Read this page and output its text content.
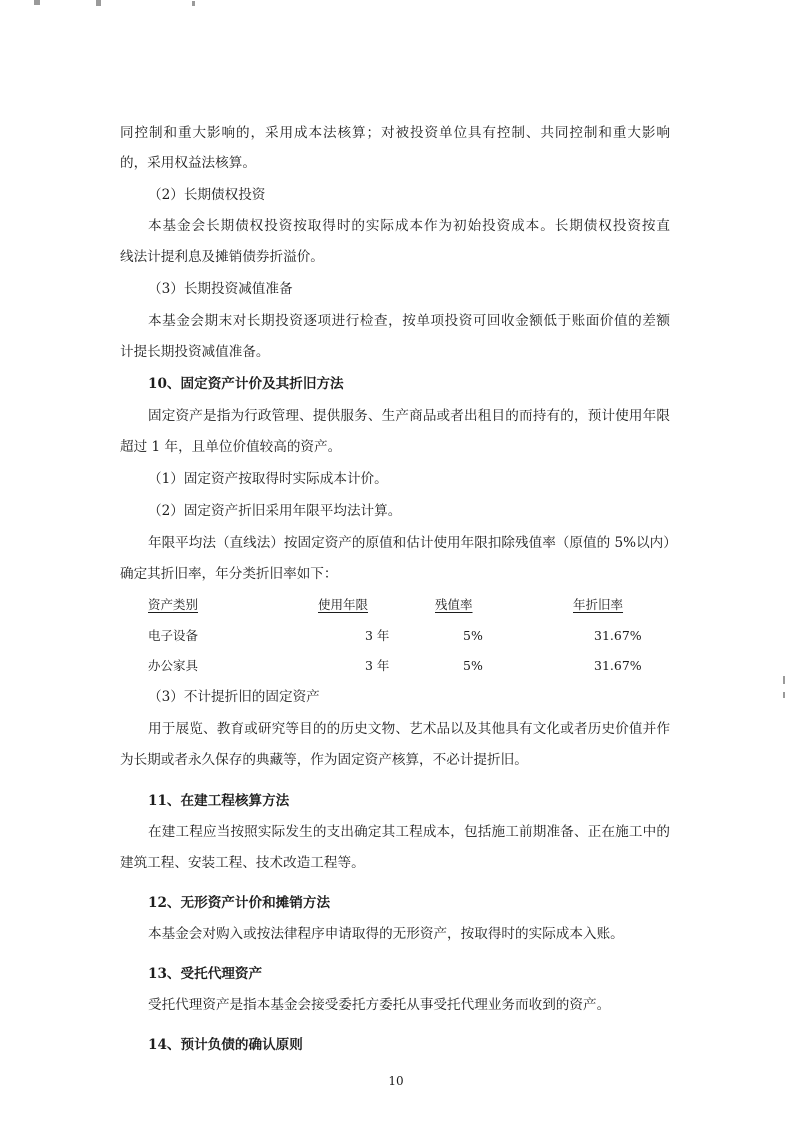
同控制和重大影响的，采用成本法核算；对被投资单位具有控制、共同控制和重大影响
的，采用权益法核算。
（2）长期债权投资
本基金会长期债权投资按取得时的实际成本作为初始投资成本。长期债权投资按直
线法计提利息及摊销债券折溢价。
（3）长期投资减值准备
本基金会期末对长期投资逐项进行检查，按单项投资可回收金额低于账面价值的差额
计提长期投资减值准备。
10、固定资产计价及其折旧方法
固定资产是指为行政管理、提供服务、生产商品或者出租目的而持有的，预计使用年限
超过 1 年，且单位价值较高的资产。
（1）固定资产按取得时实际成本计价。
（2）固定资产折旧采用年限平均法计算。
年限平均法（直线法）按固定资产的原值和估计使用年限扣除残值率（原值的 5%以内）
确定其折旧率，年分类折旧率如下：
资产类别	使用年限	残值率	年折旧率
电子设备	3 年	5%	31.67%
办公家具	3 年	5%	31.67%
（3）不计提折旧的固定资产
用于展览、教育或研究等目的的历史文物、艺术品以及其他具有文化或者历史价值并作
为长期或者永久保存的典藏等，作为固定资产核算，不必计提折旧。
11、在建工程核算方法
在建工程应当按照实际发生的支出确定其工程成本，包括施工前期准备、正在施工中的
建筑工程、安装工程、技术改造工程等。
12、无形资产计价和摊销方法
本基金会对购入或按法律程序申请取得的无形资产，按取得时的实际成本入账。
13、受托代理资产
受托代理资产是指本基金会接受委托方委托从事受托代理业务而收到的资产。
14、预计负债的确认原则
10
